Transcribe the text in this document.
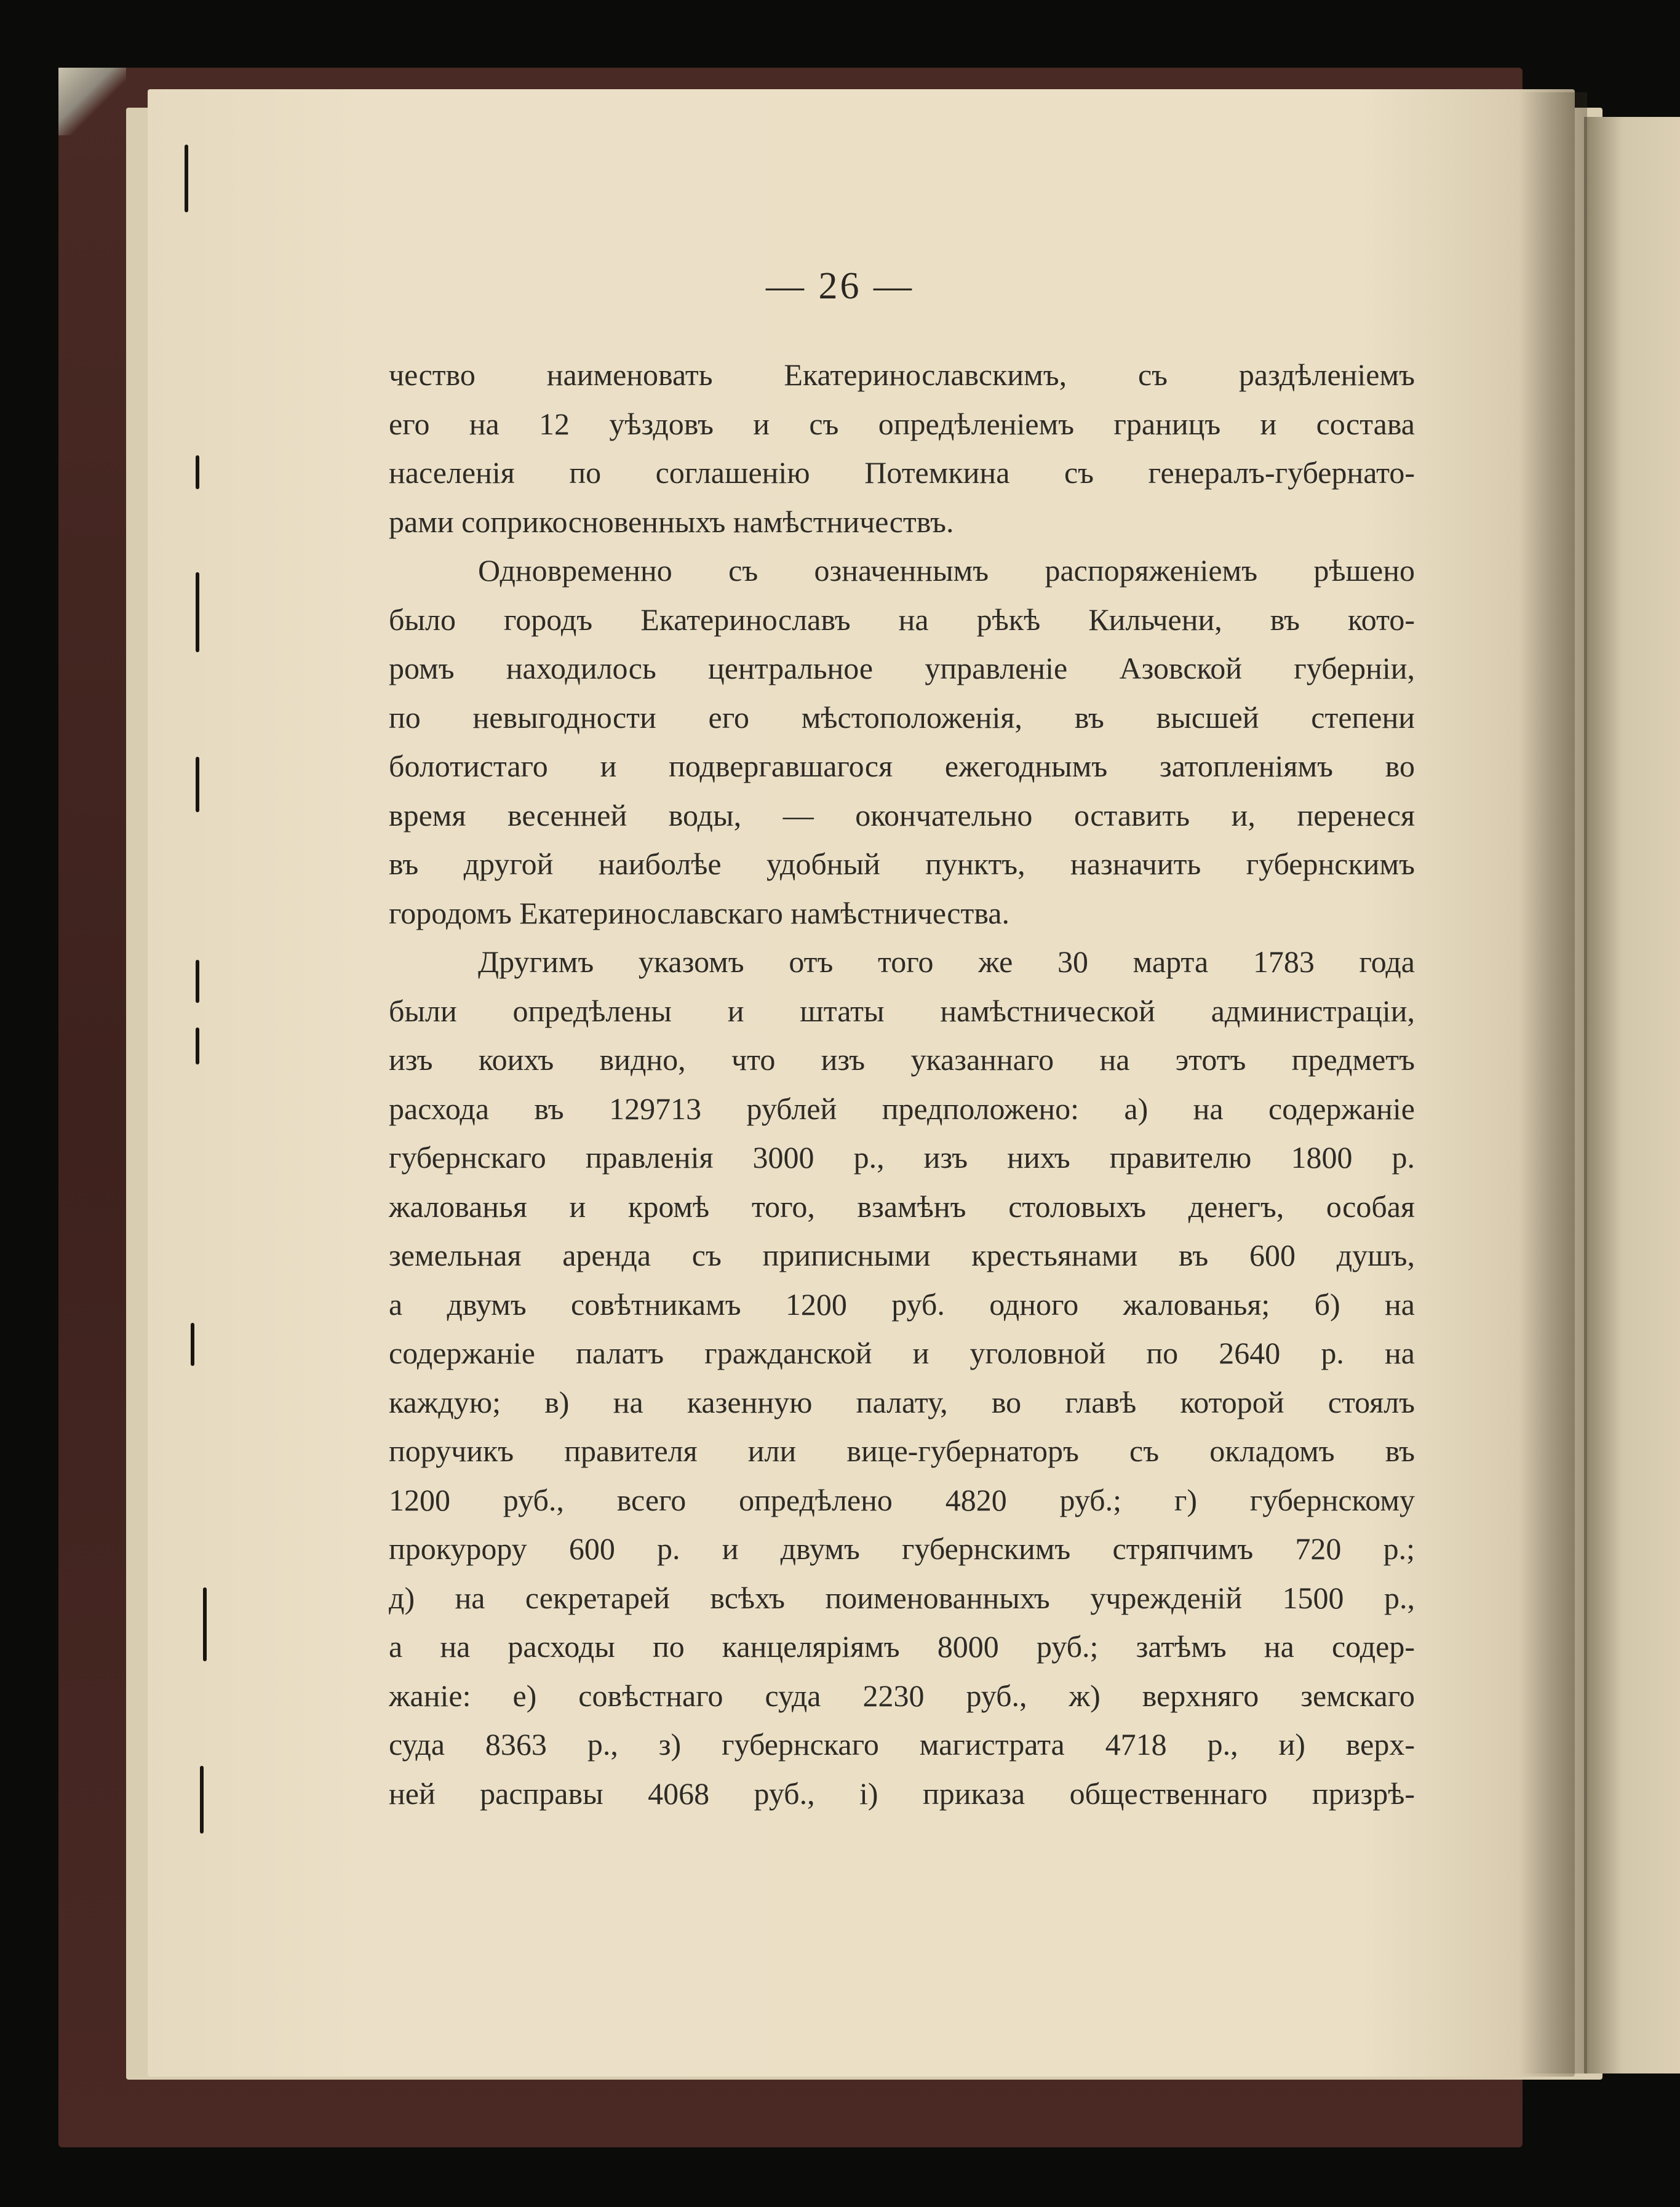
— 26 —
чество наименовать Екатеринославскимъ, съ раздѣленіемъ
его на 12 уѣздовъ и съ опредѣленіемъ границъ и состава
населенія по соглашенію Потемкина съ генералъ-губернато-
рами соприкосновенныхъ намѣстничествъ.
Одновременно съ означеннымъ распоряженіемъ рѣшено
было городъ Екатеринославъ на рѣкѣ Кильчени, въ кото-
ромъ находилось центральное управленіе Азовской губерніи,
по невыгодности его мѣстоположенія, въ высшей степени
болотистаго и подвергавшагося ежегоднымъ затопленіямъ во
время весенней воды, — окончательно оставить и, перенеся
въ другой наиболѣе удобный пунктъ, назначить губернскимъ
городомъ Екатеринославскаго намѣстничества.
Другимъ указомъ отъ того же 30 марта 1783 года
были опредѣлены и штаты намѣстнической администраціи,
изъ коихъ видно, что изъ указаннаго на этотъ предметъ
расхода въ 129713 рублей предположено: а) на содержаніе
губернскаго правленія 3000 р., изъ нихъ правителю 1800 р.
жалованья и кромѣ того, взамѣнъ столовыхъ денегъ, особая
земельная аренда съ приписными крестьянами въ 600 душъ,
а двумъ совѣтникамъ 1200 руб. одного жалованья; б) на
содержаніе палатъ гражданской и уголовной по 2640 р. на
каждую; в) на казенную палату, во главѣ которой стоялъ
поручикъ правителя или вице-губернаторъ съ окладомъ въ
1200 руб., всего опредѣлено 4820 руб.; г) губернскому
прокурору 600 р. и двумъ губернскимъ стряпчимъ 720 р.;
д) на секретарей всѣхъ поименованныхъ учрежденій 1500 р.,
а на расходы по канцеляріямъ 8000 руб.; затѣмъ на содер-
жаніе: е) совѣстнаго суда 2230 руб., ж) верхняго земскаго
суда 8363 р., з) губернскаго магистрата 4718 р., и) верх-
ней расправы 4068 руб., і) приказа общественнаго призрѣ-
